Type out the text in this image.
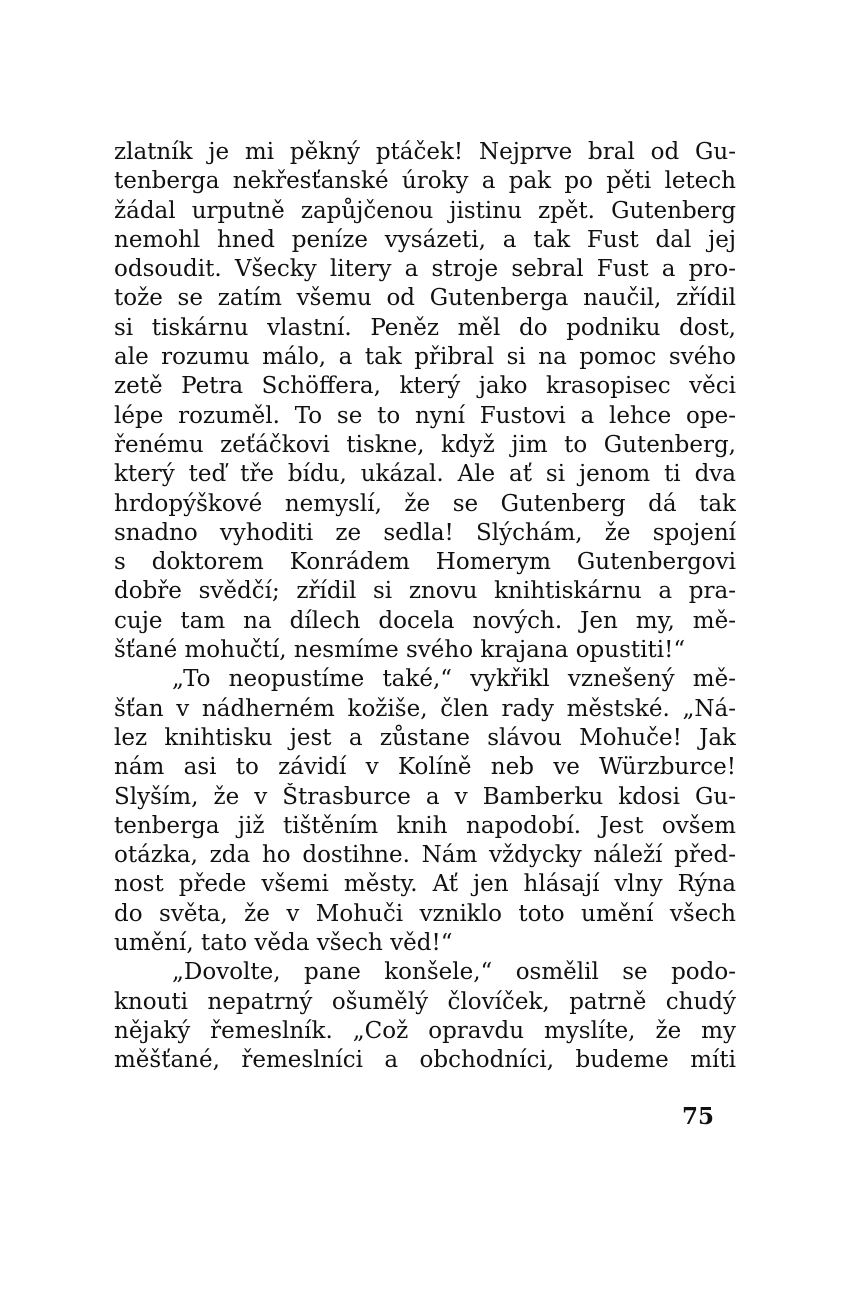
zlatník je mi pěkný ptáček! Nejprve bral od Gu-
tenberga nekřesťanské úroky a pak po pěti letech
žádal urputně zapůjčenou jistinu zpět. Gutenberg
nemohl hned peníze vysázeti, a tak Fust dal jej
odsoudit. Všecky litery a stroje sebral Fust a pro-
tože se zatím všemu od Gutenberga naučil, zřídil
si tiskárnu vlastní. Peněz měl do podniku dost,
ale rozumu málo, a tak přibral si na pomoc svého
zetě Petra Schöffera, který jako krasopisec věci
lépe rozuměl. To se to nyní Fustovi a lehce ope-
řenému zeťáčkovi tiskne, když jim to Gutenberg,
který teď tře bídu, ukázal. Ale ať si jenom ti dva
hrdopýškové nemyslí, že se Gutenberg dá tak
snadno vyhoditi ze sedla! Slýchám, že spojení
s doktorem Konrádem Homerym Gutenbergovi
dobře svědčí; zřídil si znovu knihtiskárnu a pra-
cuje tam na dílech docela nových. Jen my, mě-
šťané mohučtí, nesmíme svého krajana opustiti!“
„To neopustíme také,“ vykřikl vznešený mě-
šťan v nádherném kožiše, člen rady městské. „Ná-
lez knihtisku jest a zůstane slávou Mohuče! Jak
nám asi to závidí v Kolíně neb ve Würzburce!
Slyším, že v Štrasburce a v Bamberku kdosi Gu-
tenberga již tištěním knih napodobí. Jest ovšem
otázka, zda ho dostihne. Nám vždycky náleží před-
nost přede všemi městy. Ať jen hlásají vlny Rýna
do světa, že v Mohuči vzniklo toto umění všech
umění, tato věda všech věd!“
„Dovolte, pane konšele,“ osmělil se podo-
knouti nepatrný ošumělý človíček, patrně chudý
nějaký řemeslník. „Což opravdu myslíte, že my
měšťané, řemeslníci a obchodníci, budeme míti
75
